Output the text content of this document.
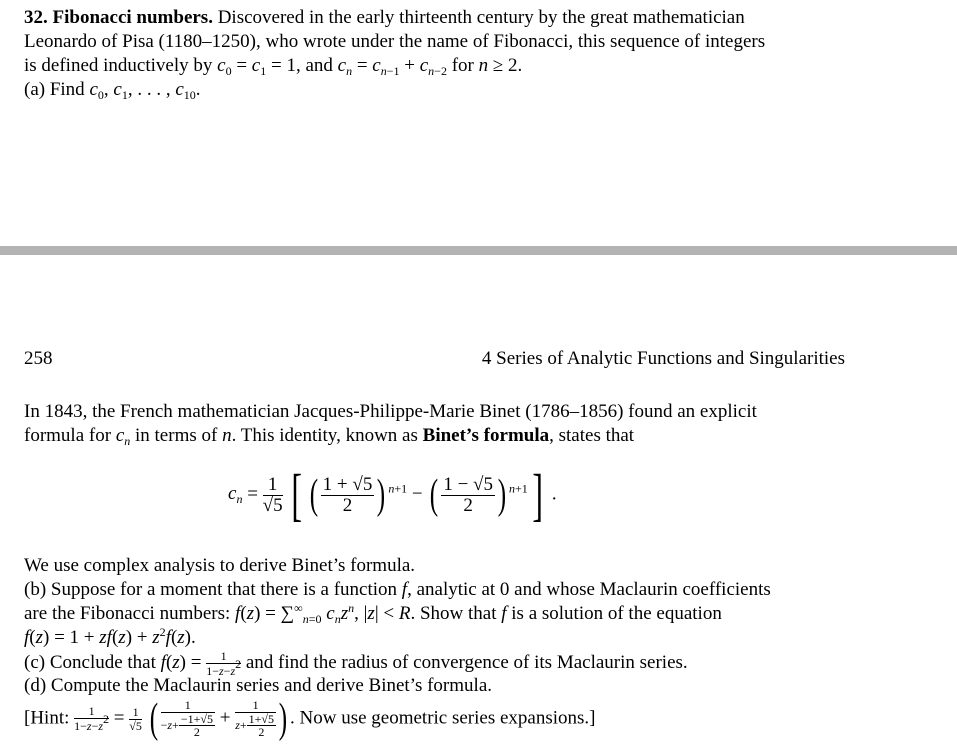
32. Fibonacci numbers. Discovered in the early thirteenth century by the great mathematician
Leonardo of Pisa (1180–1250), who wrote under the name of Fibonacci, this sequence of integers
is defined inductively by $c_0 = c_1 = 1$, and $c_n = c_{n-1} + c_{n-2}$ for n ≥ 2.
(a) Find $c_0$, $c_1$, . . . , $c_{10}$.
258	4 Series of Analytic Functions and Singularities
In 1843, the French mathematician Jacques-Philippe-Marie Binet (1786–1856) found an explicit
formula for $c_n$ in terms of n. This identity, known as Binet’s formula, states that
$c_n = \frac{1}{√5}$ [ ( $\frac{1 + √5}{2}$ ) $^{n+1}$ − ( $\frac{1 - √5}{2}$ ) $^{n+1}$] .
We use complex analysis to derive Binet’s formula.
(b) Suppose for a moment that there is a function f, analytic at 0 and whose Maclaurin coefficients
are the Fibonacci numbers: $f(z) = \sum^\infty_{n=0}$ $c_nz^n$, |z| < R. Show that f is a solution of the equation
$f(z) = 1 + zf(z) + z^2f(z)$.
(c) Conclude that $f(z) = \frac{1}{1-z-z^2}$ and find the radius of convergence of its Maclaurin series.
(d) Compute the Maclaurin series and derive Binet’s formula.
[Hint: $\frac{1}{1-z-z^2} = \frac{1}{√5}$ ( $\frac{1}{-z+ \frac{-1+√5}{2}} + \frac{1}{z+ \frac{1+√5}{2}}$ ) . Now use geometric series expansions.]
